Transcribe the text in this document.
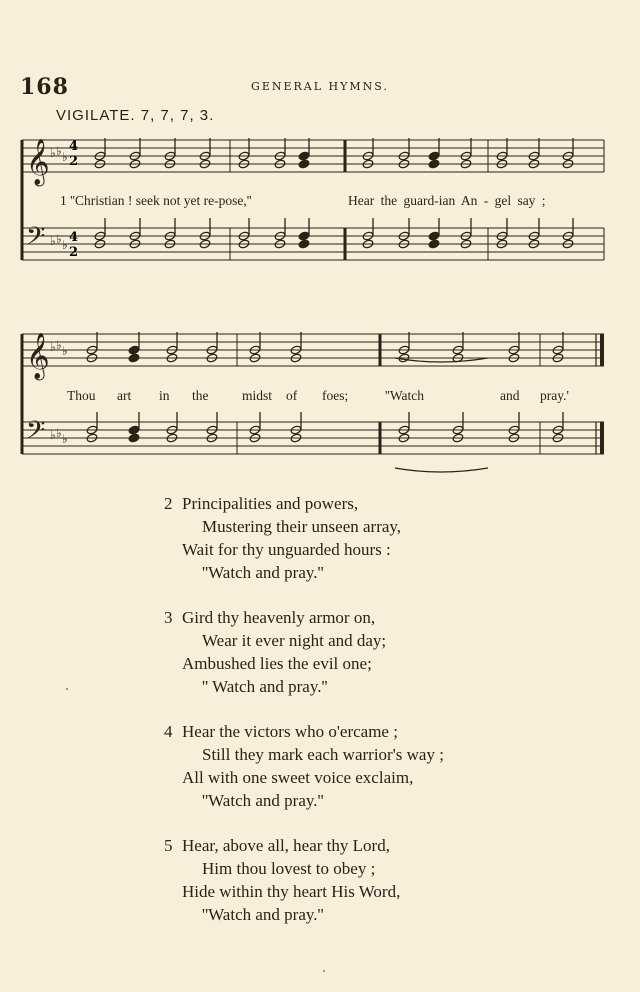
168	GENERAL HYMNS.
VIGILATE. 7, 7, 7, 3.
𝄞
𝄢
𝄞
𝄢
♭ ♭ ♭
♭ ♭ ♭
♭ ♭ ♭
♭ ♭ ♭
4
2
4
2
1 ''Christian ! seek not yet re-pose,''	Hear the guard-ian An - gel say ;
Thou art in the midst of foes;	''Watch	and pray.'
2 Principalities and powers,
Mustering their unseen array,
Wait for thy unguarded hours :
''Watch and pray.''
3 Gird thy heavenly armor on,
Wear it ever night and day;
Ambushed lies the evil one;
'' Watch and pray.''
4 Hear the victors who o'ercame ;
Still they mark each warrior's way ;
All with one sweet voice exclaim,
''Watch and pray.''
5 Hear, above all, hear thy Lord,
Him thou lovest to obey ;
Hide within thy heart His Word,
''Watch and pray.''
